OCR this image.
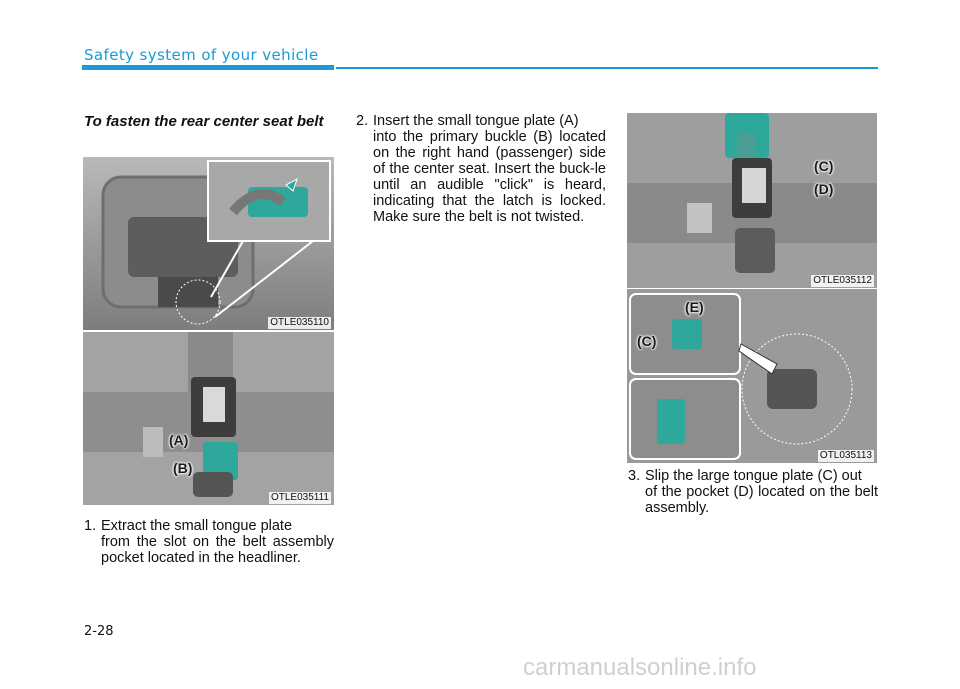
Safety system of your vehicle
To fasten the rear center seat belt
OTLE035110
(A)
(B)
OTLE035111
(C)
(D)
OTLE035112
(E)
(C)
OTL035113
1. Extract the small tongue plate
from the slot on the belt assembly pocket located in the headliner.
2. Insert the small tongue plate (A)
into the primary buckle (B) located on the right hand (passenger) side of the center seat. Insert the buck-le until an audible "click" is heard, indicating that the latch is locked. Make sure the belt is not twisted.
3. Slip the large tongue plate (C) out
of the pocket (D) located on the belt assembly.
2-28
carmanualsonline.info
